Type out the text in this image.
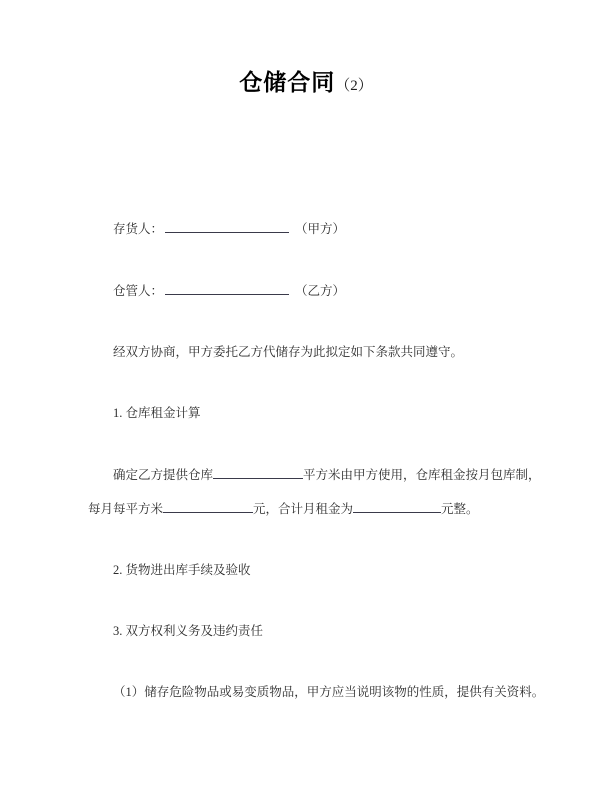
仓储合同（2）
存货人：	（甲方）
仓管人：	（乙方）
经双方协商，甲方委托乙方代储存为此拟定如下条款共同遵守。
1. 仓库租金计算
确定乙方提供仓库	平方米由甲方使用，仓库租金按月包库制，
每月每平方米	元，合计月租金为	元整。
2. 货物进出库手续及验收
3. 双方权利义务及违约责任
（1）储存危险物品或易变质物品，甲方应当说明该物的性质，提供有关资料。
